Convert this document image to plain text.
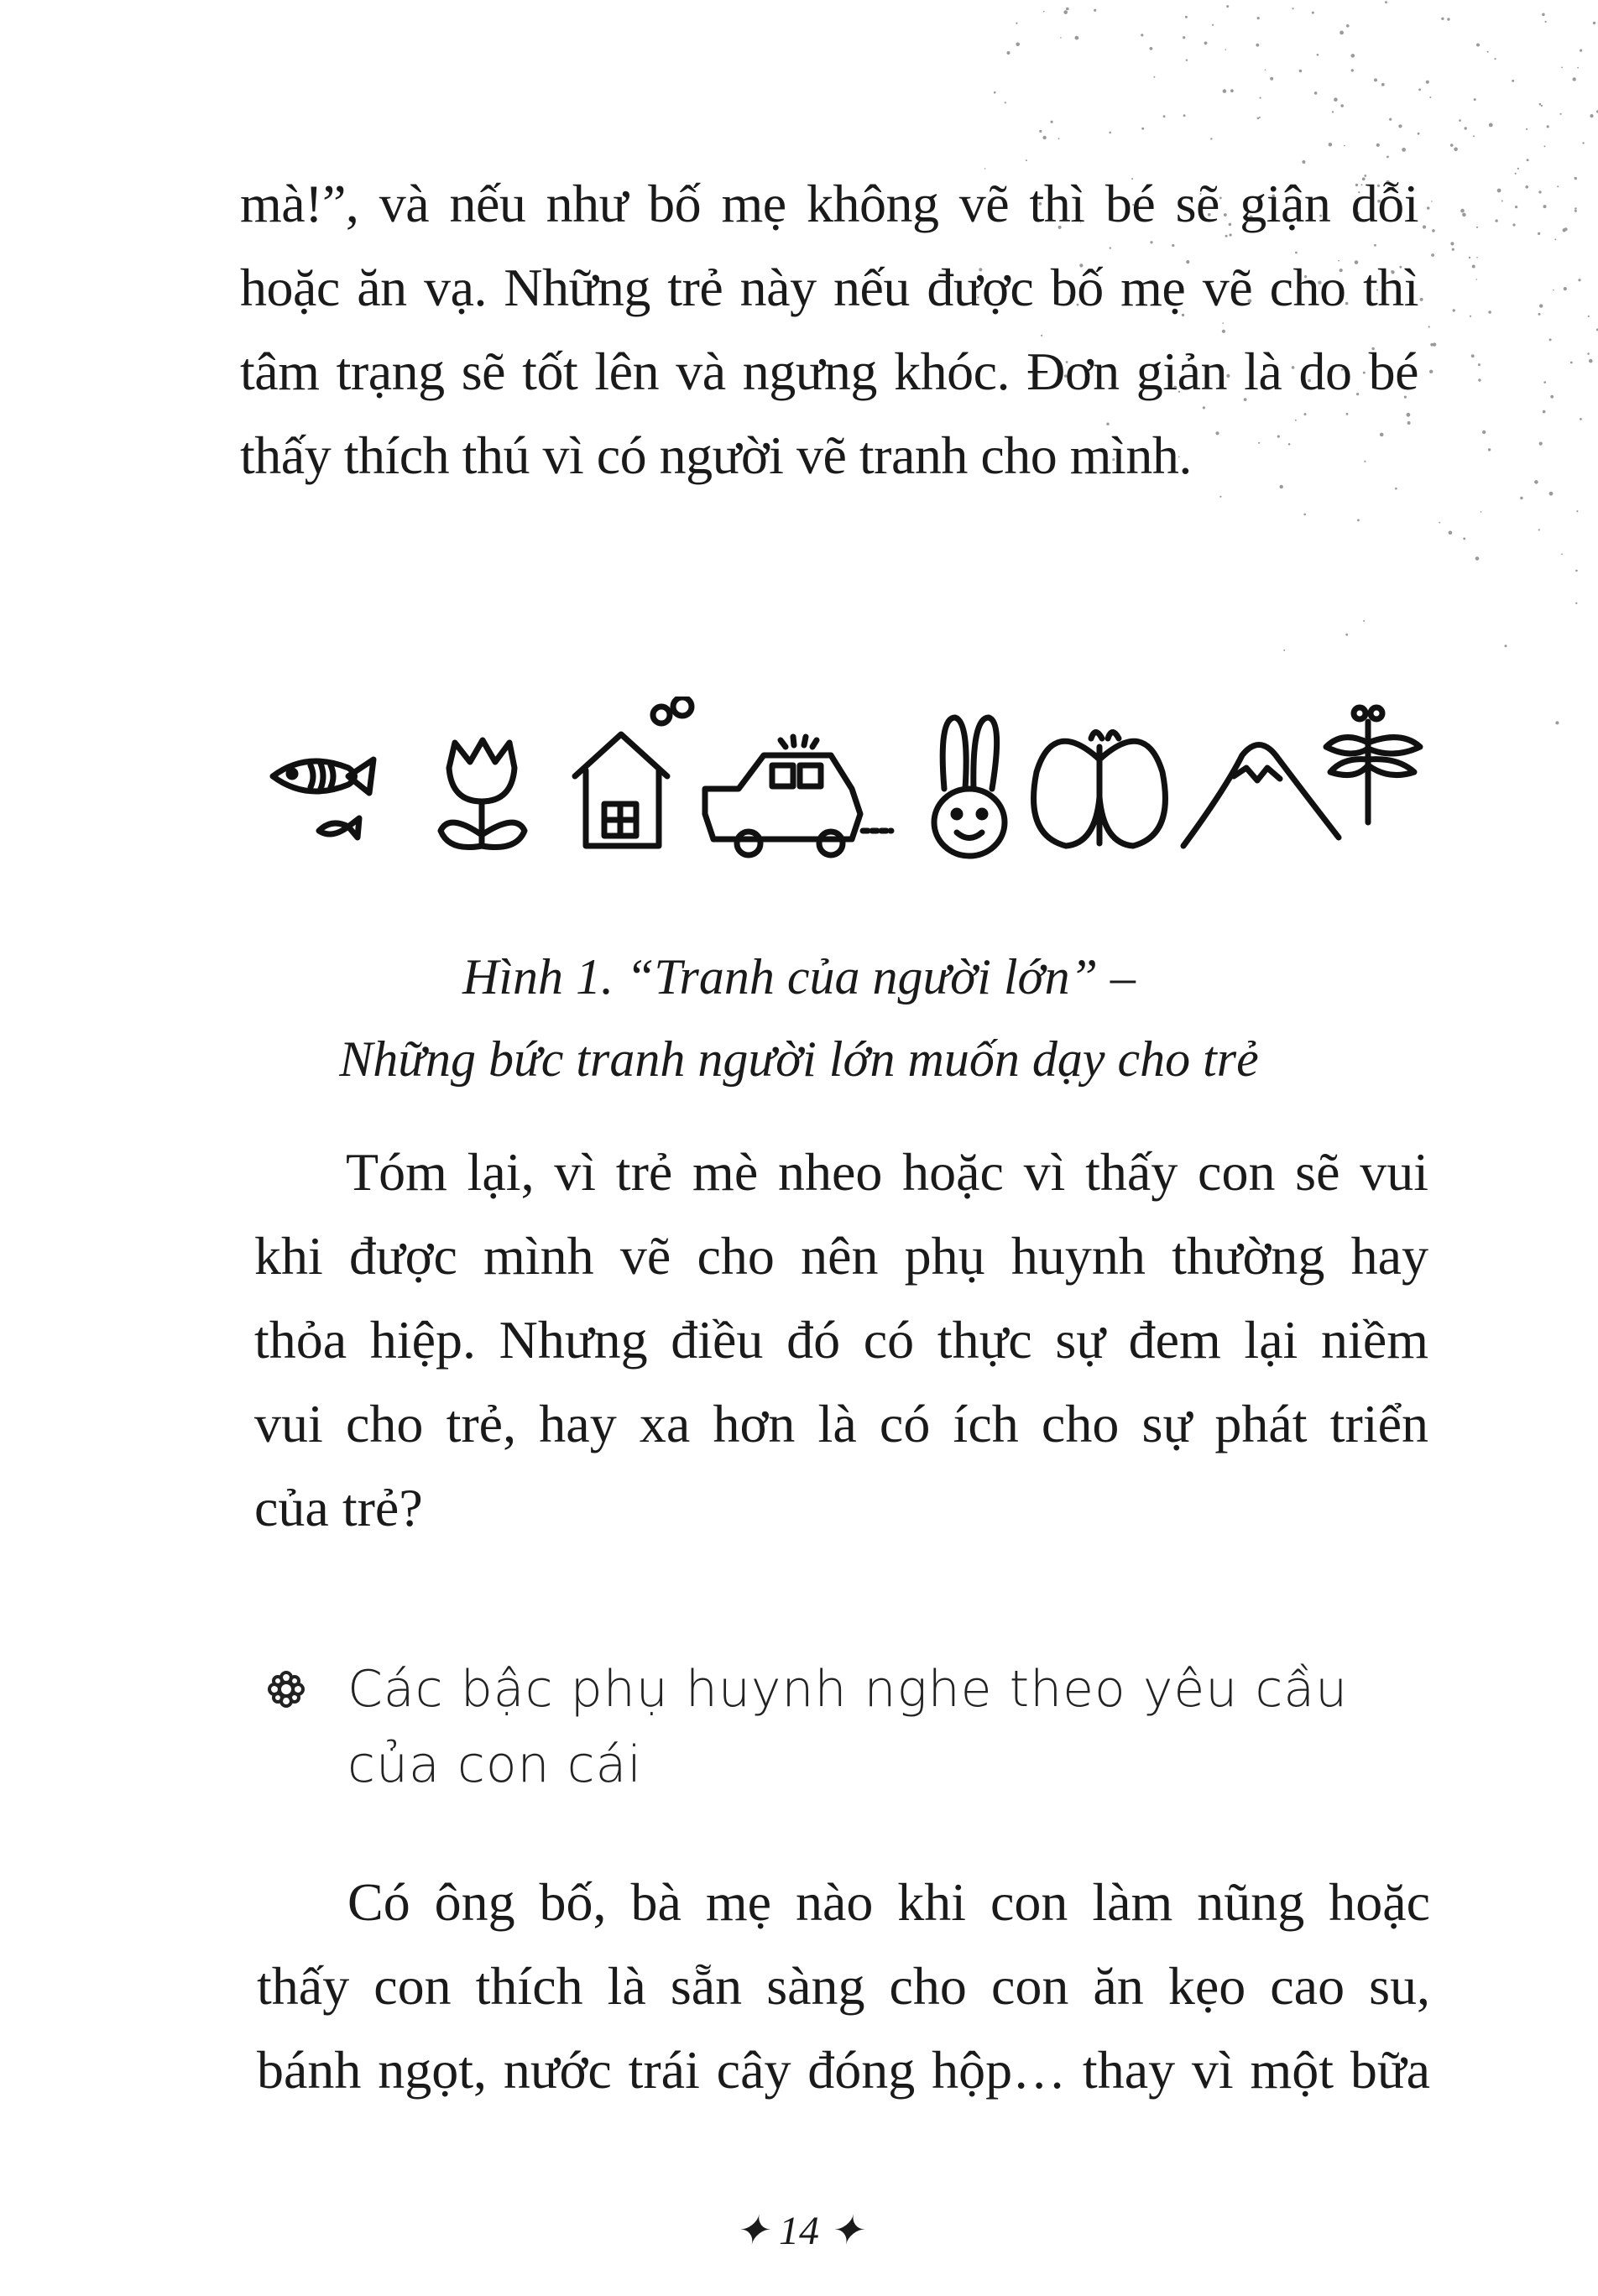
mà!”, và nếu như bố mẹ không vẽ thì bé sẽ giận dỗi
hoặc ăn vạ. Những trẻ này nếu được bố mẹ vẽ cho thì
tâm trạng sẽ tốt lên và ngưng khóc. Đơn giản là do bé
thấy thích thú vì có người vẽ tranh cho mình.
Hình 1. “Tranh của người lớn” –
Những bức tranh người lớn muốn dạy cho trẻ
Tóm lại, vì trẻ mè nheo hoặc vì thấy con sẽ vui
khi được mình vẽ cho nên phụ huynh thường hay
thỏa hiệp. Nhưng điều đó có thực sự đem lại niềm
vui cho trẻ, hay xa hơn là có ích cho sự phát triển
của trẻ?
Các bậc phụ huynh nghe theo yêu cầu
của con cái
Có ông bố, bà mẹ nào khi con làm nũng hoặc
thấy con thích là sẵn sàng cho con ăn kẹo cao su,
bánh ngọt, nước trái cây đóng hộp… thay vì một bữa
✦ 14 ✦
